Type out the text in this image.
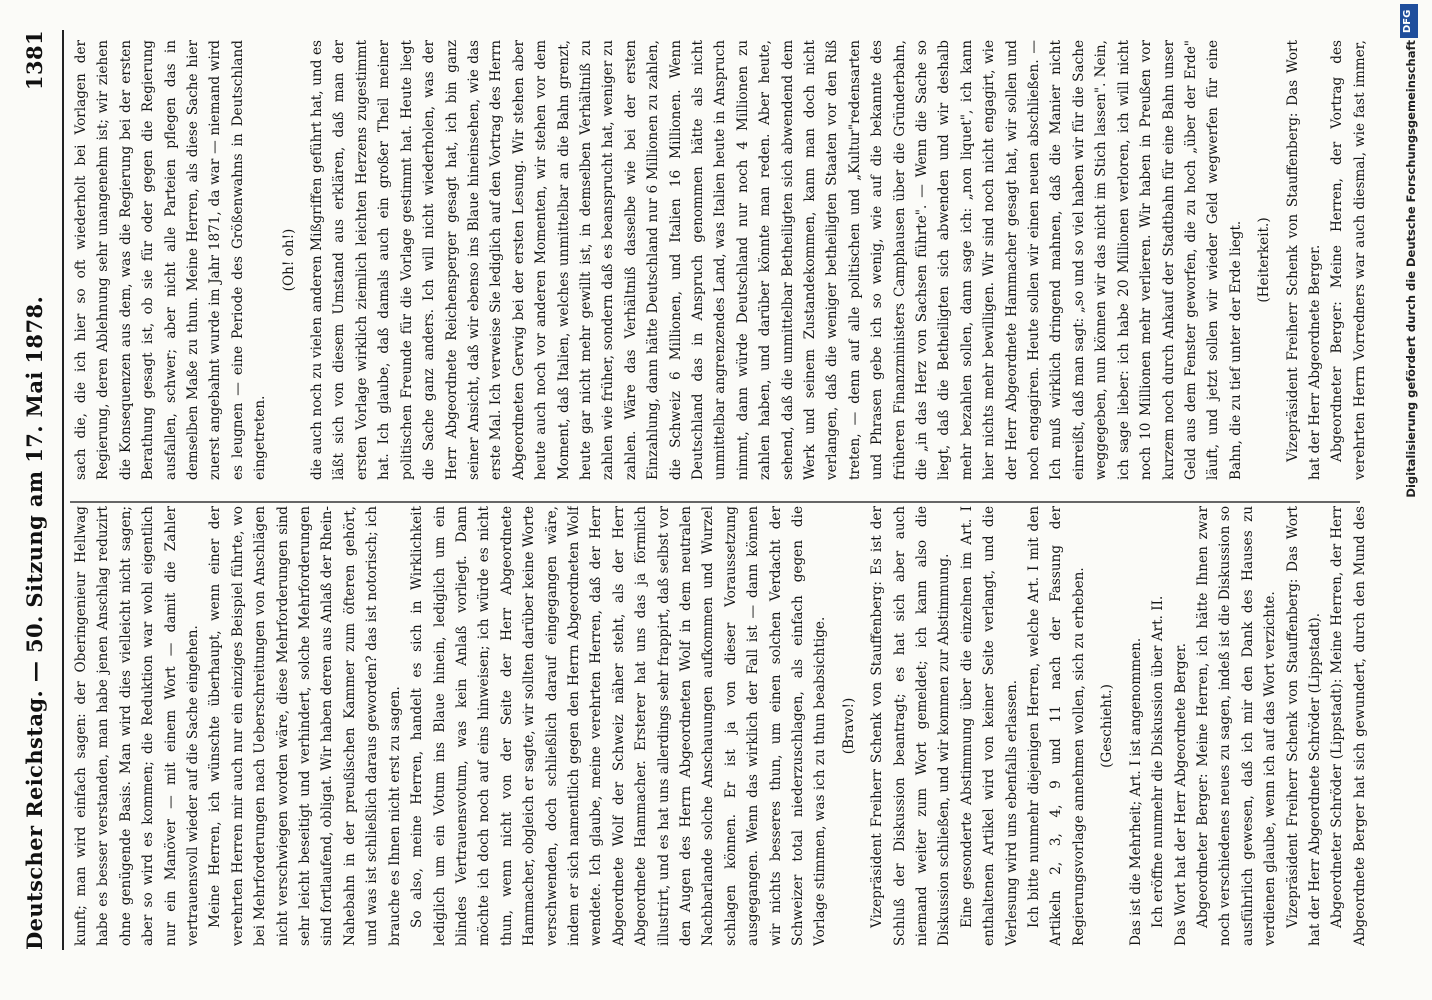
Deutscher Reichstag. — 50. Sitzung am 17. Mai 1878.
1381

kunft; man wird einfach sagen: der Oberingenieur Hellwag habe es besser verstanden, man habe jenen Anschlag reduzirt ohne genügende Basis. Man wird dies vielleicht nicht sagen; aber so wird es kommen; die Reduktion war wohl eigentlich nur ein Manöver — mit einem Wort — damit die Zahler vertrauensvoll wieder auf die Sache eingehen. Meine Herren, ich wünschte überhaupt, wenn einer der verehrten Herren mir auch nur ein einziges Beispiel führte, wo bei Mehrforderungen nach Ueberschreitungen von Anschlägen nicht verschwiegen worden wäre, diese Mehrforderungen sind sehr leicht beseitigt und verhindert, solche Mehrforderungen sind fortlaufend, obligat. Wir haben deren aus Anlaß der Rhein-Nahebahn in der preußischen Kammer zum öfteren gehört, und was ist schließlich daraus geworden? das ist notorisch; ich brauche es Ihnen nicht erst zu sagen. So also, meine Herren, handelt es sich in Wirklichkeit lediglich um ein Votum ins Blaue hinein, lediglich um ein blindes Vertrauensvotum, was kein Anlaß vorliegt. Dann möchte ich doch noch auf eins hinweisen; ich würde es nicht thun, wenn nicht von der Seite der Herr Abgeordnete Hammacher, obgleich er sagte, wir sollten darüber keine Worte verschwenden, doch schließlich darauf eingegangen wäre, indem er sich namentlich gegen den Herrn Abgeordneten Wolf wendete. Ich glaube, meine verehrten Herren, daß der Herr Abgeordnete Wolf der Schweiz näher steht, als der Herr Abgeordnete Hammacher. Ersterer hat uns das ja förmlich illustrirt, und es hat uns allerdings sehr frappirt, daß selbst vor den Augen des Herrn Abgeordneten Wolf in dem neutralen Nachbarlande solche Anschauungen aufkommen und Wurzel schlagen können. Er ist ja von dieser Voraussetzung ausgegangen. Wenn das wirklich der Fall ist — dann können wir nichts besseres thun, um einen solchen Verdacht der Schweizer total niederzuschlagen, als einfach gegen die Vorlage stimmen, was ich zu thun beabsichtige. (Bravo!) Vizepräsident Freiherr Schenk von Stauffenberg: Es ist der Schluß der Diskussion beantragt; es hat sich aber auch niemand weiter zum Wort gemeldet; ich kann also die Diskussion schließen, und wir kommen zur Abstimmung. Eine gesonderte Abstimmung über die einzelnen im Art. I enthaltenen Artikel wird von keiner Seite verlangt, und die Verlesung wird uns ebenfalls erlassen. Ich bitte nunmehr diejenigen Herren, welche Art. I mit den Artikeln 2, 3, 4, 9 und 11 nach der Fassung der Regierungsvorlage annehmen wollen, sich zu erheben. (Geschieht.) Das ist die Mehrheit; Art. I ist angenommen. Ich eröffne nunmehr die Diskussion über Art. II. Das Wort hat der Herr Abgeordnete Berger. Abgeordneter Berger: Meine Herren, ich hätte Ihnen zwar noch verschiedenes neues zu sagen, indeß ist die Diskussion so ausführlich gewesen, daß ich mir den Dank des Hauses zu verdienen glaube, wenn ich auf das Wort verzichte. Vizepräsident Freiherr Schenk von Stauffenberg: Das Wort hat der Herr Abgeordnete Schröder (Lippstadt). Abgeordneter Schröder (Lippstadt): Meine Herren, der Herr Abgeordnete Berger hat sich gewundert, durch den Mund des

sach die, die ich hier so oft wiederholt bei Vorlagen der Regierung, deren Ablehnung sehr unangenehm ist; wir ziehen die Konsequenzen aus dem, was die Regierung bei der ersten Berathung gesagt ist, ob sie für oder gegen die Regierung ausfallen, schwer; aber nicht alle Parteien pflegen das in demselben Maße zu thun. Meine Herren, als diese Sache hier zuerst angebahnt wurde im Jahr 1871, da war — niemand wird es leugnen — eine Periode des Größenwahns in Deutschland eingetreten.

(Oh! oh!) die auch noch zu vielen anderen Mißgriffen geführt hat, und es läßt sich von diesem Umstand aus erklären, daß man der ersten Vorlage wirklich ziemlich leichten Herzens zugestimmt hat. Ich glaube, daß damals auch ein großer Theil meiner politischen Freunde für die Vorlage gestimmt hat. Heute liegt die Sache ganz anders. Ich will nicht wiederholen, was der Herr Abgeordnete Reichensperger gesagt hat, ich bin ganz seiner Ansicht, daß wir ebenso ins Blaue hineinsehen, wie das erste Mal. Ich verweise Sie lediglich auf den Vortrag des Herrn Abgeordneten Gerwig bei der ersten Lesung. Wir stehen aber heute auch noch vor anderen Momenten, wir stehen vor dem Moment, daß Italien, welches unmittelbar an die Bahn grenzt, heute gar nicht mehr gewillt ist, in demselben Verhältniß zu zahlen wie früher, sondern daß es beansprucht hat, weniger zu zahlen. Wäre das Verhältniß dasselbe wie bei der ersten Einzahlung, dann hätte Deutschland nur 6 Millionen zu zahlen, die Schweiz 6 Millionen, und Italien 16 Millionen. Wenn Deutschland das in Anspruch genommen hätte als nicht unmittelbar angrenzendes Land, was Italien heute in Anspruch nimmt, dann würde Deutschland nur noch 4 Millionen zu zahlen haben, und darüber könnte man reden. Aber heute, sehend, daß die unmittelbar Betheiligten sich abwendend dem Werk und seinem Zustandekommen, kann man doch nicht verlangen, daß die weniger betheiligten Staaten vor den Riß treten, — denn auf alle politischen und „Kultur"redensarten und Phrasen gebe ich so wenig, wie auf die bekannte des früheren Finanzministers Camphausen über die Gründerbahn, die „in das Herz von Sachsen führte". — Wenn die Sache so liegt, daß die Betheiligten sich abwenden und wir deshalb mehr bezahlen sollen, dann sage ich: „non liquet", ich kann hier nichts mehr bewilligen. Wir sind noch nicht engagirt, wie der Herr Abgeordnete Hammacher gesagt hat, wir sollen und noch engagiren. Heute sollen wir einen neuen abschließen. — Ich muß wirklich dringend mahnen, daß die Manier nicht einreißt, daß man sagt: „so und so viel haben wir für die Sache weggegeben, nun können wir das nicht im Stich lassen". Nein, ich sage lieber: ich habe 20 Millionen verloren, ich will nicht noch 10 Millionen mehr verlieren. Wir haben in Preußen vor kurzem noch durch Ankauf der Stadtbahn für eine Bahn unser Geld aus dem Fenster geworfen, die zu hoch „über der Erde" läuft, und jetzt sollen wir wieder Geld wegwerfen für eine Bahn, die zu tief unter der Erde liegt. (Heiterkeit.) Vizepräsident Freiherr Schenk von Stauffenberg: Das Wort hat der Herr Abgeordnete Berger. Abgeordneter Berger: Meine Herren, der Vortrag des verehrten Herrn Vorredners war auch diesmal, wie fast immer,	Digitalisierung gefördert durch die Deutsche Forschungsgemeinschaft
DFG
